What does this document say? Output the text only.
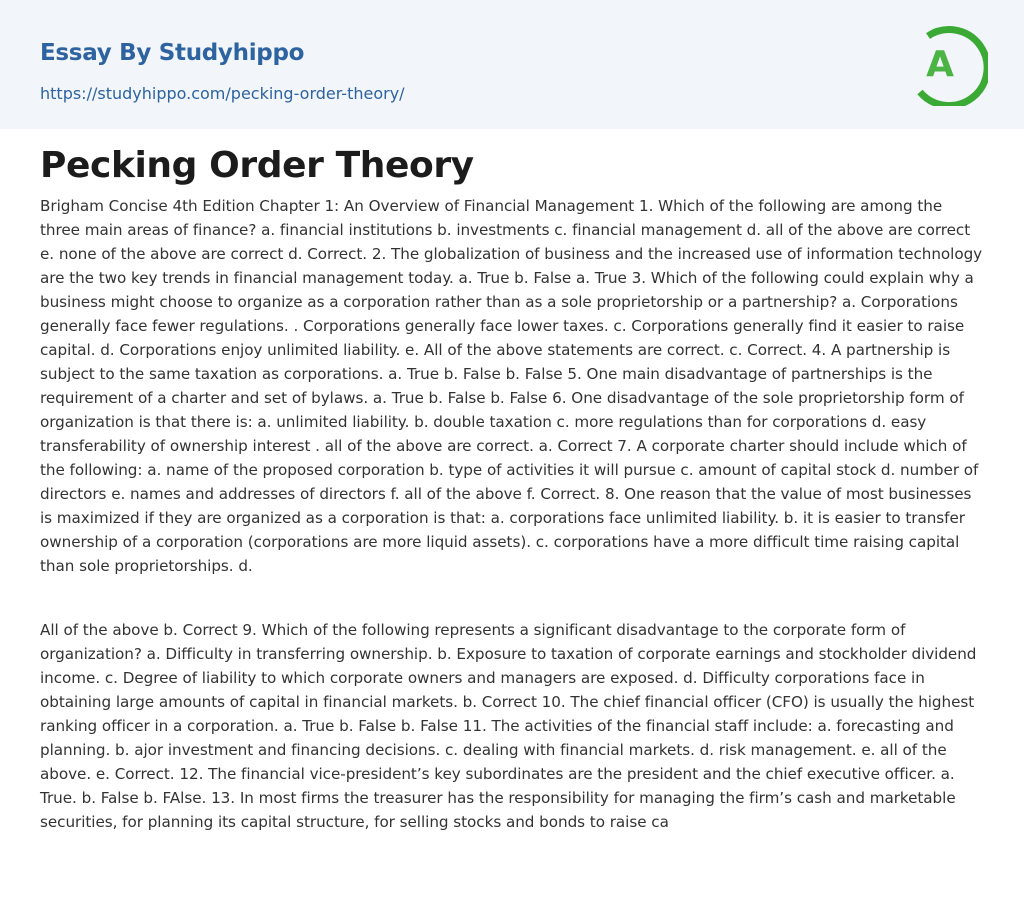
Essay By Studyhippo
https://studyhippo.com/pecking-order-theory/
A
Pecking Order Theory

Brigham Concise 4th Edition Chapter 1: An Overview of Financial Management 1. Which of the following are among the three main areas of finance? a. financial institutions b. investments c. financial management d. all of the above are correct e. none of the above are correct d. Correct. 2. The globalization of business and the increased use of information technology are the two key trends in financial management today. a. True b. False a. True 3. Which of the following could explain why a business might choose to organize as a corporation rather than as a sole proprietorship or a partnership? a. Corporations generally face fewer regulations. . Corporations generally face lower taxes. c. Corporations generally find it easier to raise capital. d. Corporations enjoy unlimited liability. e. All of the above statements are correct. c. Correct. 4. A partnership is subject to the same taxation as corporations. a. True b. False b. False 5. One main disadvantage of partnerships is the requirement of a charter and set of bylaws. a. True b. False b. False 6. One disadvantage of the sole proprietorship form of organization is that there is: a. unlimited liability. b. double taxation c. more regulations than for corporations d. easy transferability of ownership interest . all of the above are correct. a. Correct 7. A corporate charter should include which of the following: a. name of the proposed corporation b. type of activities it will pursue c. amount of capital stock d. number of directors e. names and addresses of directors f. all of the above f. Correct. 8. One reason that the value of most businesses is maximized if they are organized as a corporation is that: a. corporations face unlimited liability. b. it is easier to transfer ownership of a corporation (corporations are more liquid assets). c. corporations have a more difficult time raising capital than sole proprietorships. d.

All of the above b. Correct 9. Which of the following represents a significant disadvantage to the corporate form of organization? a. Difficulty in transferring ownership. b. Exposure to taxation of corporate earnings and stockholder dividend income. c. Degree of liability to which corporate owners and managers are exposed. d. Difficulty corporations face in obtaining large amounts of capital in financial markets. b. Correct 10. The chief financial officer (CFO) is usually the highest ranking officer in a corporation. a. True b. False b. False 11. The activities of the financial staff include: a. forecasting and planning. b. ajor investment and financing decisions. c. dealing with financial markets. d. risk management. e. all of the above. e. Correct. 12. The financial vice-president’s key subordinates are the president and the chief executive officer. a. True. b. False b. FAlse. 13. In most firms the treasurer has the responsibility for managing the firm’s cash and marketable securities, for planning its capital structure, for selling stocks and bonds to raise ca
